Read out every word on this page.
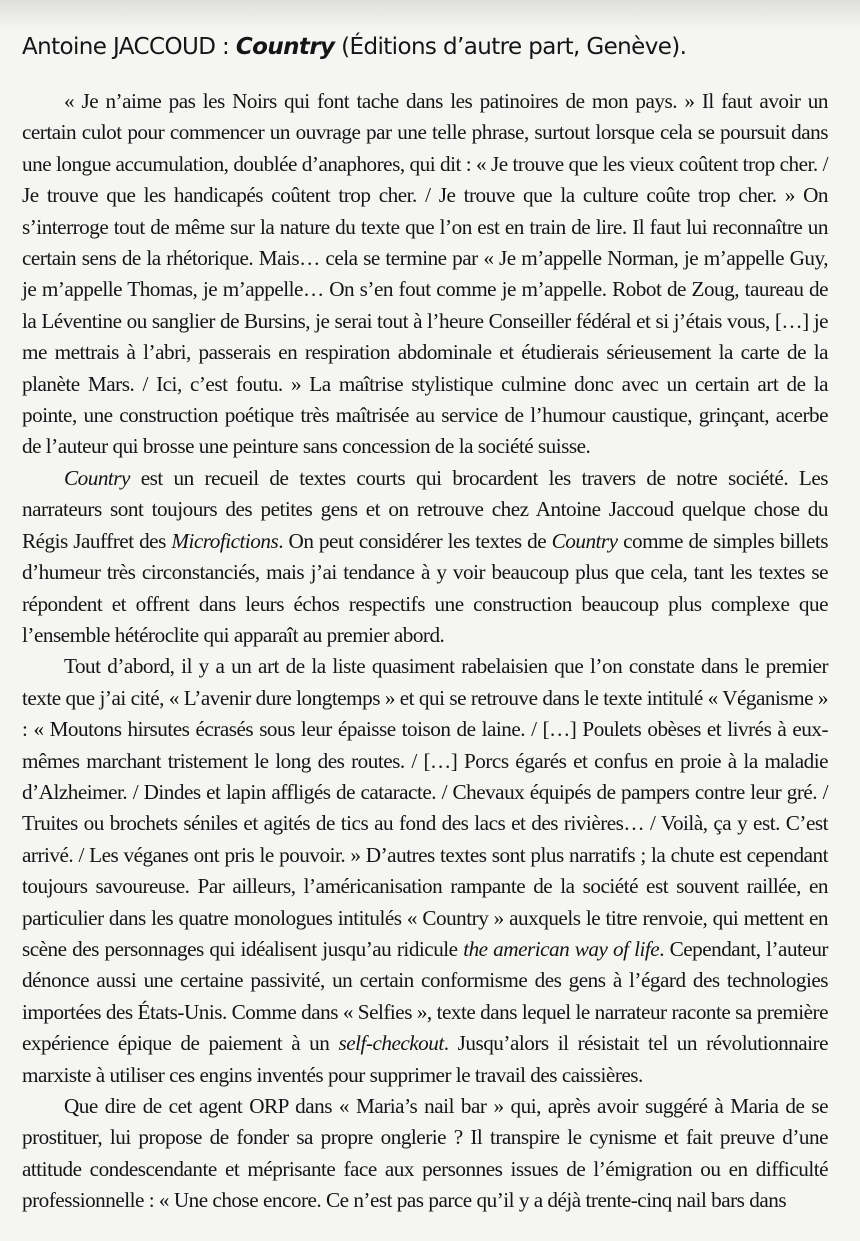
Antoine JACCOUD : Country (Éditions d’autre part, Genève).

« Je n’aime pas les Noirs qui font tache dans les patinoires de mon pays. » Il faut avoir un certain culot pour commencer un ouvrage par une telle phrase, surtout lorsque cela se poursuit dans une longue accumulation, doublée d’anaphores, qui dit : « Je trouve que les vieux coûtent trop cher. / Je trouve que les handicapés coûtent trop cher. / Je trouve que la culture coûte trop cher. » On s’interroge tout de même sur la nature du texte que l’on est en train de lire. Il faut lui reconnaître un certain sens de la rhétorique. Mais… cela se termine par « Je m’appelle Norman, je m’appelle Guy, je m’appelle Thomas, je m’appelle… On s’en fout comme je m’appelle. Robot de Zoug, taureau de la Léventine ou sanglier de Bursins, je serai tout à l’heure Conseiller fédéral et si j’étais vous, […] je me mettrais à l’abri, passerais en respiration abdominale et étudierais sérieusement la carte de la planète Mars. / Ici, c’est foutu. » La maîtrise stylistique culmine donc avec un certain art de la pointe, une construction poétique très maîtrisée au service de l’humour caustique, grinçant, acerbe de l’auteur qui brosse une peinture sans concession de la société suisse.

Country est un recueil de textes courts qui brocardent les travers de notre société. Les narrateurs sont toujours des petites gens et on retrouve chez Antoine Jaccoud quelque chose du Régis Jauffret des Microfictions. On peut considérer les textes de Country comme de simples billets d’humeur très circonstanciés, mais j’ai tendance à y voir beaucoup plus que cela, tant les textes se répondent et offrent dans leurs échos respectifs une construction beaucoup plus complexe que l’ensemble hétéroclite qui apparaît au premier abord.

Tout d’abord, il y a un art de la liste quasiment rabelaisien que l’on constate dans le premier texte que j’ai cité, « L’avenir dure longtemps » et qui se retrouve dans le texte intitulé « Véganisme » : « Moutons hirsutes écrasés sous leur épaisse toison de laine. / […] Poulets obèses et livrés à eux-mêmes marchant tristement le long des routes. / […] Porcs égarés et confus en proie à la maladie d’Alzheimer. / Dindes et lapin affligés de cataracte. / Chevaux équipés de pampers contre leur gré. / Truites ou brochets séniles et agités de tics au fond des lacs et des rivières… / Voilà, ça y est. C’est arrivé. / Les véganes ont pris le pouvoir. » D’autres textes sont plus narratifs ; la chute est cependant toujours savoureuse. Par ailleurs, l’américanisation rampante de la société est souvent raillée, en particulier dans les quatre monologues intitulés « Country » auxquels le titre renvoie, qui mettent en scène des personnages qui idéalisent jusqu’au ridicule the american way of life. Cependant, l’auteur dénonce aussi une certaine passivité, un certain conformisme des gens à l’égard des technologies importées des États-Unis. Comme dans « Selfies », texte dans lequel le narrateur raconte sa première expérience épique de paiement à un self-checkout. Jusqu’alors il résistait tel un révolutionnaire marxiste à utiliser ces engins inventés pour supprimer le travail des caissières.

Que dire de cet agent ORP dans « Maria’s nail bar » qui, après avoir suggéré à Maria de se prostituer, lui propose de fonder sa propre onglerie ? Il transpire le cynisme et fait preuve d’une attitude condescendante et méprisante face aux personnes issues de l’émigration ou en difficulté professionnelle : « Une chose encore. Ce n’est pas parce qu’il y a déjà trente-cinq nail bars dans
